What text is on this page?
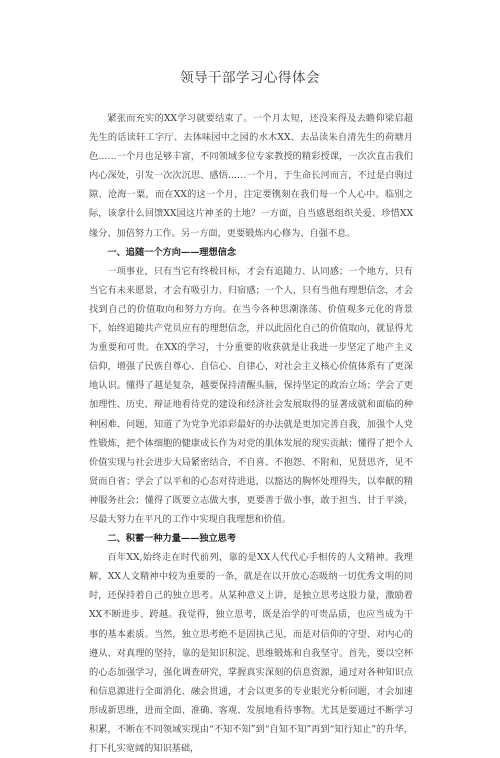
领导干部学习心得体会

紧张而充实的XX学习就要结束了。一个月太短，还没来得及去瞻仰梁启超先生的话读轩工字厅、去体味园中之园的水木XX、去品读朱自清先生的荷塘月色……一个月也足够丰富，不同领域多位专家教授的精彩授课，一次次直击我们内心深处，引发一次次沉思、感悟……一个月，于生命长河而言，不过是白驹过隙、沧海一粟，而在XX的这一个月，注定要镌刻在我们每一个人心中。临别之际，该拿什么回馈XX园这片神圣的土地？一方面，自当感恩组织关爱、珍惜XX缘分、加倍努力工作。另一方面，更要锻炼内心修为、自强不息。

一、追随一个方向——理想信念

一项事业，只有当它有终极目标，才会有追随力、认同感；一个地方，只有当它有未来愿景，才会有吸引力、归宿感；一个人，只有当他有理想信念，才会找到自己的价值取向和努力方向。在当今各种思潮涤荡、价值观多元化的背景下，始终追随共产党员应有的理想信念，并以此固化自己的价值取向，就显得尤为重要和可贵。在XX的学习，十分重要的收获就是让我进一步坚定了地产主义信仰，增强了民族自尊心、自信心、自律心，对社会主义核心价值体系有了更深地认识。懂得了越是复杂，越要保持清醒头脑，保持坚定的政治立场；学会了更加理性、历史、辩证地看待党的建设和经济社会发展取得的显著成就和面临的种种困难、问题，知道了为党争光添彩最好的办法就是更加完善自我，加强个人党性锻炼，把个体细胞的健康成长作为对党的肌体发展的现实贡献；懂得了把个人价值实现与社会进步大局紧密结合，不自喜、不抱怨、不附和，见贤思齐，见不贤而自省；学会了以平和的心态对待进退，以豁达的胸怀处理得失，以奉献的精神服务社会；懂得了既要立志做大事，更要善于做小事，敢于担当、甘于平淡，尽最大努力在平凡的工作中实现自我理想和价值。

二、积蓄一种力量——独立思考

百年XX,始终走在时代前列，靠的是XX人代代心手相传的人文精神。我理解，XX人文精神中较为重要的一条，就是在以开放心态吸纳一切优秀文明的同时，还保持着自己的独立思考。从某种意义上讲，是独立思考这股力量，激励着XX不断进步、跨越。我觉得，独立思考，既是治学的可贵品质，也应当成为干事的基本素质。当然，独立思考绝不是固执己见，而是对信仰的守望、对内心的遵从、对真理的坚持，靠的是知识积淀、思维锻炼和自我坚守。首先，要以空杯的心态加强学习，强化调查研究，掌握真实深刻的信息资源，通过对各种知识点和信息源进行全面消化、融会贯通，才会以更多的专业眼光分析问题，才会加速形成新思维，进而全面、准确、客观、发展地看待事物。尤其是要通过不断学习积累，不断在不同领域实现由“不知不知”到“自知不知”再到“知行知止”的升华，打下扎实宽阔的知识基础，
